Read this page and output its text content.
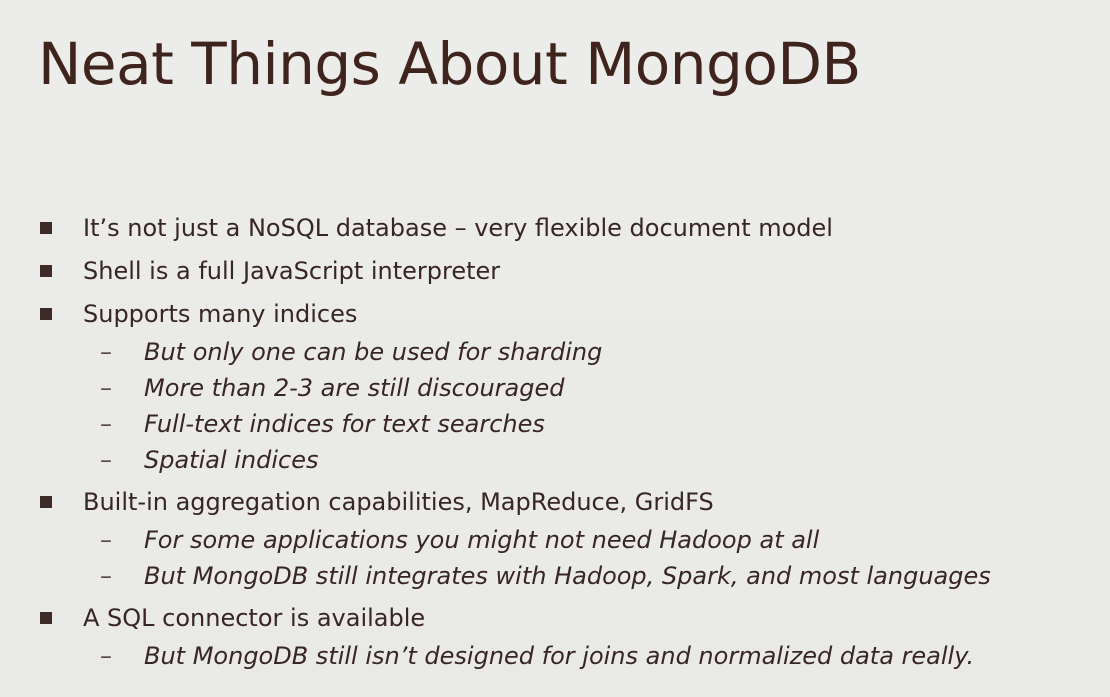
Neat Things About MongoDB
It’s not just a NoSQL database – very flexible document model
Shell is a full JavaScript interpreter
Supports many indices
–	But only one can be used for sharding
–	More than 2-3 are still discouraged
–	Full-text indices for text searches
–	Spatial indices
Built-in aggregation capabilities, MapReduce, GridFS
–	For some applications you might not need Hadoop at all
–	But MongoDB still integrates with Hadoop, Spark, and most languages
A SQL connector is available
–	But MongoDB still isn’t designed for joins and normalized data really.
